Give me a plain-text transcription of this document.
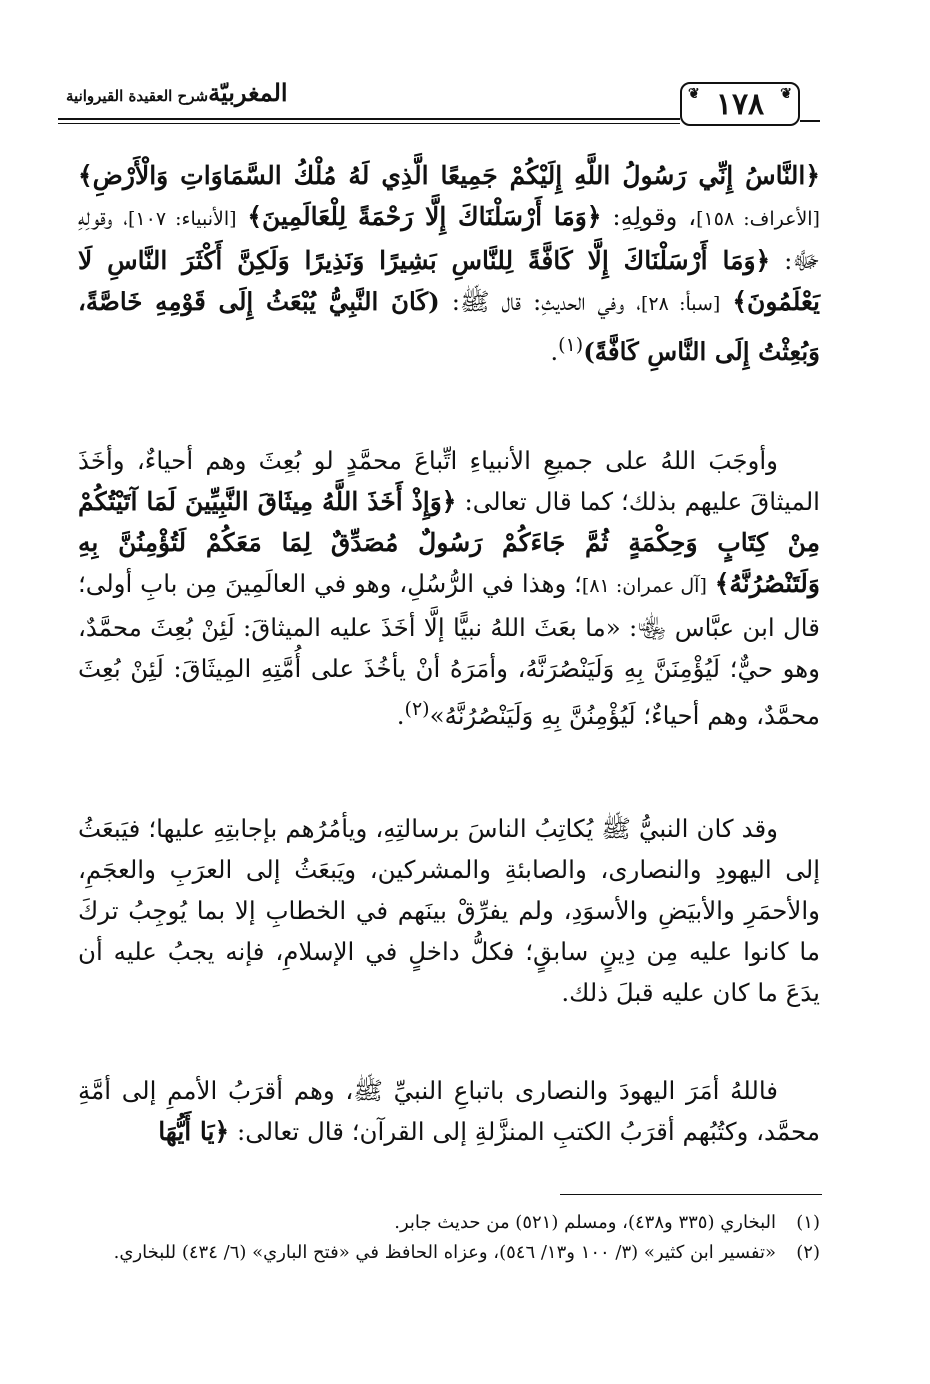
المغربيّةشرح العقيدة القيروانية	❦ ١٧٨ ❦

﴿النَّاسُ إِنِّي رَسُولُ اللَّهِ إِلَيْكُمْ جَمِيعًا الَّذِي لَهُ مُلْكُ السَّمَاوَاتِ وَالْأَرْضِ﴾ [الأعراف: ١٥٨]، وقولِهِ: ﴿وَمَا أَرْسَلْنَاكَ إِلَّا رَحْمَةً لِلْعَالَمِينَ﴾ [الأنبياء: ١٠٧]، وقولِهِ ﷻ: ﴿وَمَا أَرْسَلْنَاكَ إِلَّا كَافَّةً لِلنَّاسِ بَشِيرًا وَنَذِيرًا وَلَكِنَّ أَكْثَرَ النَّاسِ لَا يَعْلَمُونَ﴾ [سبأ: ٢٨]، وفي الحديثِ: قال ﷺ: (كَانَ النَّبِيُّ يُبْعَثُ إِلَى قَوْمِهِ خَاصَّةً، وَبُعِثْتُ إِلَى النَّاسِ كَافَّةً)$^{(١)}$.

وأوجَبَ اللهُ على جميعِ الأنبياءِ اتِّباعَ محمَّدٍ لو بُعِثَ وهم أحياءٌ، وأخَذَ الميثاقَ عليهم بذلك؛ كما قال تعالى: ﴿وَإِذْ أَخَذَ اللَّهُ مِيثَاقَ النَّبِيِّينَ لَمَا آتَيْتُكُمْ مِنْ كِتَابٍ وَحِكْمَةٍ ثُمَّ جَاءَكُمْ رَسُولٌ مُصَدِّقٌ لِمَا مَعَكُمْ لَتُؤْمِنُنَّ بِهِ وَلَتَنْصُرُنَّهُ﴾ [آل عمران: ٨١]؛ وهذا في الرُّسُلِ، وهو في العالَمِينَ مِن بابِ أولى؛ قال ابن عبَّاس ﵄: «ما بعَثَ اللهُ نبيًّا إلَّا أخَذَ عليه الميثاقَ: لَئِنْ بُعِثَ محمَّدٌ، وهو حيٌّ؛ لَيُؤْمِنَنَّ بِهِ وَلَيَنْصُرَنَّهُ، وأمَرَهُ أنْ يأخُذَ على أُمَّتِهِ المِيثَاقَ: لَئِنْ بُعِثَ محمَّدٌ، وهم أحياءٌ؛ لَيُؤْمِنُنَّ بِهِ وَلَيَنْصُرُنَّهُ»$^{(٢)}$.

وقد كان النبيُّ ﷺ يُكاتِبُ الناسَ برسالتِهِ، ويأمُرُهم بإجابتِهِ عليها؛ فيَبعَثُ إلى اليهودِ والنصارى، والصابئةِ والمشركين، ويَبعَثُ إلى العرَبِ والعجَمِ، والأحمَرِ والأبيَضِ والأسوَدِ، ولم يفرِّقْ بينَهم في الخطابِ إلا بما يُوجِبُ تركَ ما كانوا عليه مِن دِينٍ سابقٍ؛ فكلُّ داخلٍ في الإسلامِ، فإنه يجبُ عليه أن يدَعَ ما كان عليه قبلَ ذلك.

فاللهُ أمَرَ اليهودَ والنصارى باتباعِ النبيِّ ﷺ، وهم أقرَبُ الأممِ إلى أمَّةِ محمَّد، وكتُبُهم أقرَبُ الكتبِ المنزَّلةِ إلى القرآن؛ قال تعالى: ﴿يَا أَيُّهَا

(١)البخاري (٣٣٥ و٤٣٨)، ومسلم (٥٢١) من حديث جابر.

(٢)«تفسير ابن كثير» (٣/ ١٠٠ و١٣/ ٥٤٦)، وعزاه الحافظ في «فتح الباري» (٦/ ٤٣٤) للبخاري.
